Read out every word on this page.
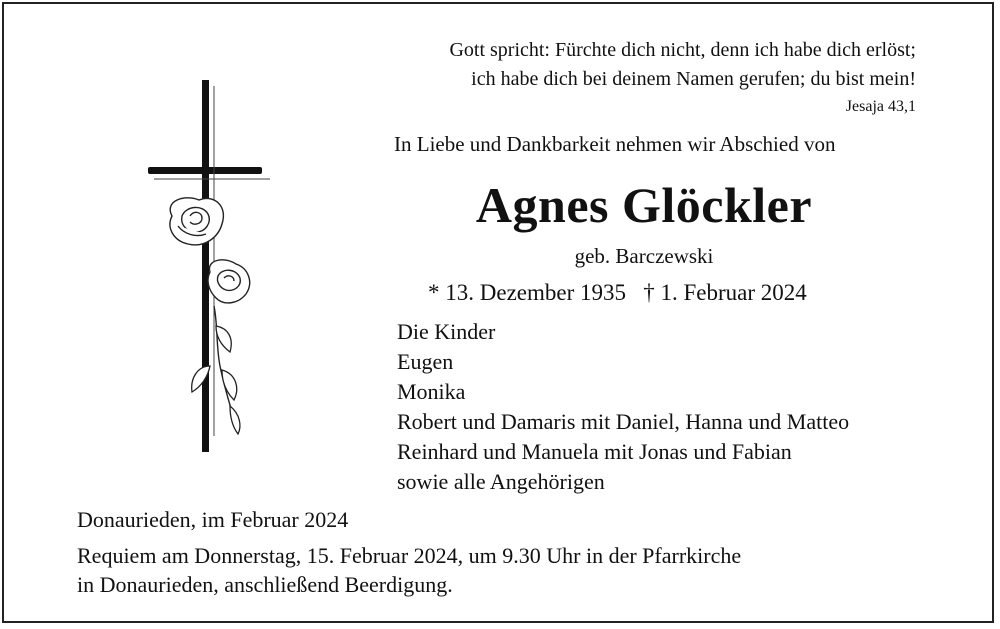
Gott spricht: Fürchte dich nicht, denn ich habe dich erlöst;
ich habe dich bei deinem Namen gerufen; du bist mein!
Jesaja 43,1
In Liebe und Dankbarkeit nehmen wir Abschied von
Agnes Glöckler
geb. Barczewski
* 13. Dezember 1935   † 1. Februar 2024
Die Kinder
Eugen
Monika
Robert und Damaris mit Daniel, Hanna und Matteo
Reinhard und Manuela mit Jonas und Fabian
sowie alle Angehörigen
Donaurieden, im Februar 2024
Requiem am Donnerstag, 15. Februar 2024, um 9.30 Uhr in der Pfarrkirche
in Donaurieden, anschließend Beerdigung.
